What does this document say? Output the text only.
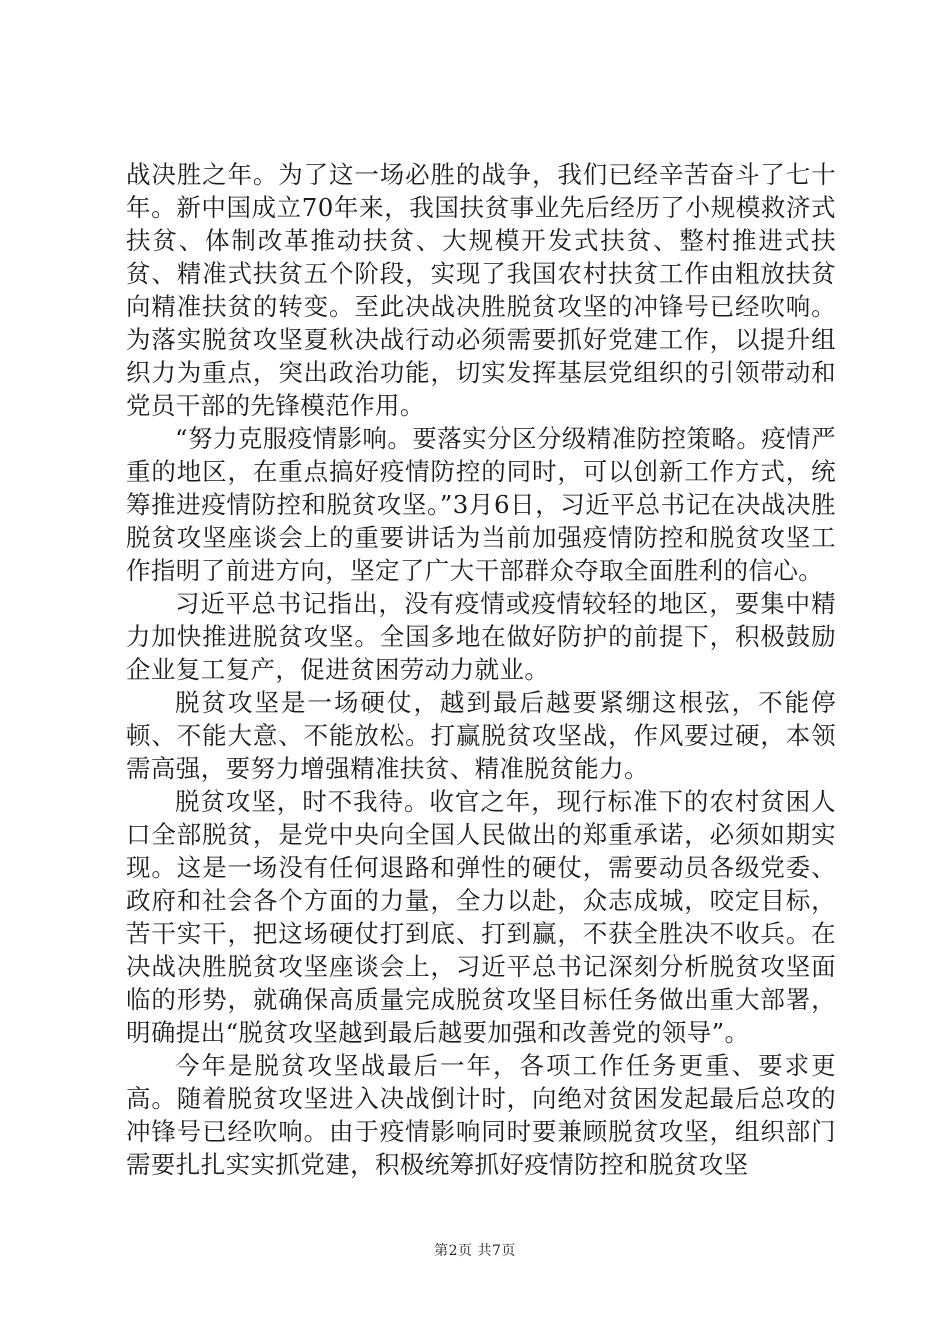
战决胜之年。为了这一场必胜的战争，我们已经辛苦奋斗了七十年。新中国成立70年来，我国扶贫事业先后经历了小规模救济式扶贫、体制改革推动扶贫、大规模开发式扶贫、整村推进式扶贫、精准式扶贫五个阶段，实现了我国农村扶贫工作由粗放扶贫向精准扶贫的转变。至此决战决胜脱贫攻坚的冲锋号已经吹响。为落实脱贫攻坚夏秋决战行动必须需要抓好党建工作，以提升组织力为重点，突出政治功能，切实发挥基层党组织的引领带动和党员干部的先锋模范作用。

“努力克服疫情影响。要落实分区分级精准防控策略。疫情严重的地区，在重点搞好疫情防控的同时，可以创新工作方式，统筹推进疫情防控和脱贫攻坚。”3月6日，习近平总书记在决战决胜脱贫攻坚座谈会上的重要讲话为当前加强疫情防控和脱贫攻坚工作指明了前进方向，坚定了广大干部群众夺取全面胜利的信心。

习近平总书记指出，没有疫情或疫情较轻的地区，要集中精力加快推进脱贫攻坚。全国多地在做好防护的前提下，积极鼓励企业复工复产，促进贫困劳动力就业。

脱贫攻坚是一场硬仗，越到最后越要紧绷这根弦，不能停顿、不能大意、不能放松。打赢脱贫攻坚战，作风要过硬，本领需高强，要努力增强精准扶贫、精准脱贫能力。

脱贫攻坚，时不我待。收官之年，现行标准下的农村贫困人口全部脱贫，是党中央向全国人民做出的郑重承诺，必须如期实现。这是一场没有任何退路和弹性的硬仗，需要动员各级党委、政府和社会各个方面的力量，全力以赴，众志成城，咬定目标，苦干实干，把这场硬仗打到底、打到赢，不获全胜决不收兵。在决战决胜脱贫攻坚座谈会上，习近平总书记深刻分析脱贫攻坚面临的形势，就确保高质量完成脱贫攻坚目标任务做出重大部署，明确提出“脱贫攻坚越到最后越要加强和改善党的领导”。

今年是脱贫攻坚战最后一年，各项工作任务更重、要求更高。随着脱贫攻坚进入决战倒计时，向绝对贫困发起最后总攻的冲锋号已经吹响。由于疫情影响同时要兼顾脱贫攻坚，组织部门需要扎扎实实抓党建，积极统筹抓好疫情防控和脱贫攻坚

第2页 共7页
